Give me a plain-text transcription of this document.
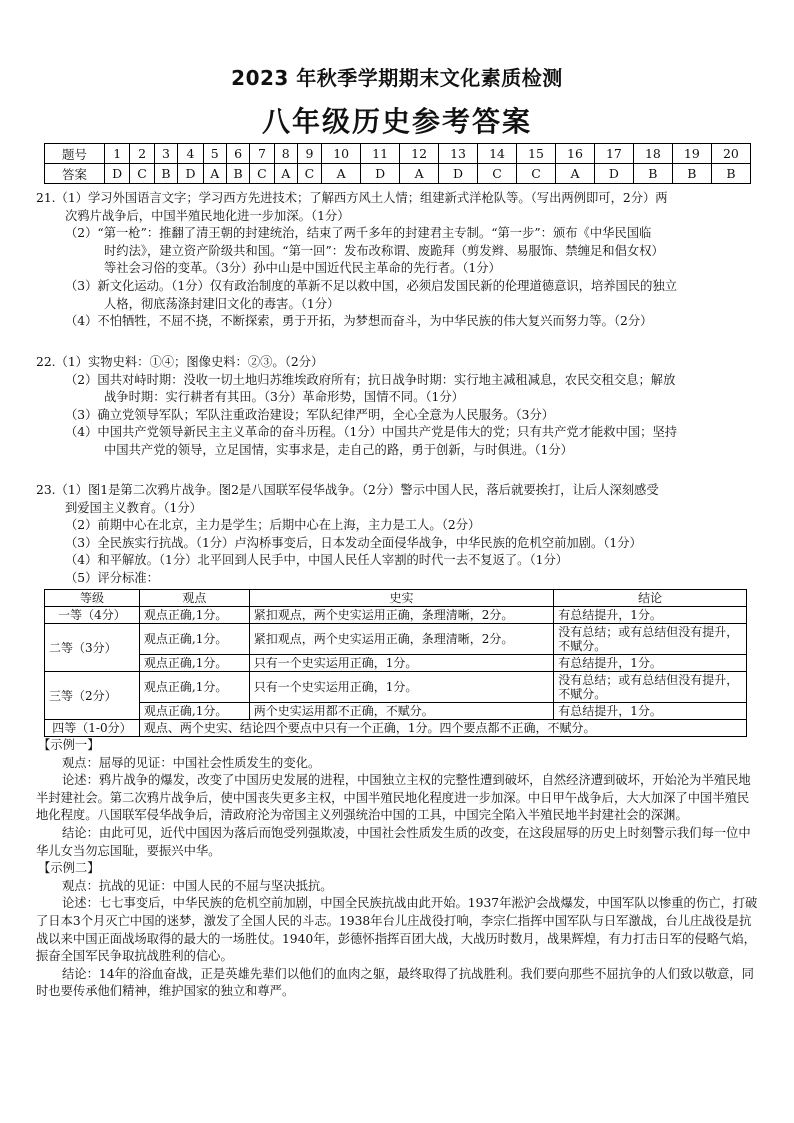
2023 年秋季学期期末文化素质检测
八年级历史参考答案
题号	1	2	3	4	5	6	7	8	9	10	11	12	13	14	15	16	17	18	19	20
答案	D	C	B	D	A	B	C	A	C	A	D	A	D	C	C	A	D	B	B	B

21.（1）学习外国语言文字；学习西方先进技术；了解西方风土人情；组建新式洋枪队等。（写出两例即可，2分）两
次鸦片战争后，中国半殖民地化进一步加深。（1分）

（2）“第一枪”：推翻了清王朝的封建统治，结束了两千多年的封建君主专制。“第一步”：颁布《中华民国临
时约法》，建立资产阶级共和国。“第一回”：发布改称谓、废跪拜（剪发辫、易服饰、禁缠足和倡女权）
等社会习俗的变革。（3分）孙中山是中国近代民主革命的先行者。（1分）

（3）新文化运动。（1分）仅有政治制度的革新不足以救中国，必须启发国民新的伦理道德意识，培养国民的独立
人格，彻底荡涤封建旧文化的毒害。（1分）

（4）不怕牺牲，不屈不挠，不断探索，勇于开拓，为梦想而奋斗，为中华民族的伟大复兴而努力等。（2分）

22.（1）实物史料：①④；图像史料：②③。（2分）

（2）国共对峙时期：没收一切土地归苏维埃政府所有；抗日战争时期：实行地主减租减息，农民交租交息；解放
战争时期：实行耕者有其田。（3分）革命形势，国情不同。（1分）

（3）确立党领导军队；军队注重政治建设；军队纪律严明，全心全意为人民服务。（3分）

（4）中国共产党领导新民主主义革命的奋斗历程。（1分）中国共产党是伟大的党；只有共产党才能救中国；坚持
中国共产党的领导，立足国情，实事求是，走自己的路，勇于创新，与时俱进。（1分）

23.（1）图1是第二次鸦片战争。图2是八国联军侵华战争。（2分）警示中国人民，落后就要挨打，让后人深刻感受
到爱国主义教育。（1分）

（2）前期中心在北京，主力是学生；后期中心在上海，主力是工人。（2分）

（3）全民族实行抗战。（1分）卢沟桥事变后，日本发动全面侵华战争，中华民族的危机空前加剧。（1分）

（4）和平解放。（1分）北平回到人民手中，中国人民任人宰割的时代一去不复返了。（1分）

（5）评分标准：

等级	观点	史实	结论
一等（4分）	观点正确,1分。	紧扣观点，两个史实运用正确，条理清晰，2分。	有总结提升，1分。
二等（3分）	观点正确,1分。	紧扣观点，两个史实运用正确，条理清晰，2分。	没有总结；或有总结但没有提升，不赋分。
	观点正确,1分。	只有一个史实运用正确，1分。	有总结提升，1分。
三等（2分）	观点正确,1分。	只有一个史实运用正确，1分。	没有总结；或有总结但没有提升，不赋分。
	观点正确,1分。	两个史实运用都不正确，不赋分。	有总结提升，1分。
四等（1-0分）	观点、两个史实、结论四个要点中只有一个正确，1分。四个要点都不正确，不赋分。		

【示例一】

观点：屈辱的见证：中国社会性质发生的变化。

论述：鸦片战争的爆发，改变了中国历史发展的进程，中国独立主权的完整性遭到破坏，自然经济遭到破坏，开始沦为半殖民地半封建社会。第二次鸦片战争后，使中国丧失更多主权，中国半殖民地化程度进一步加深。中日甲午战争后，大大加深了中国半殖民地化程度。八国联军侵华战争后，清政府沦为帝国主义列强统治中国的工具，中国完全陷入半殖民地半封建社会的深渊。

结论：由此可见，近代中国因为落后而饱受列强欺凌，中国社会性质发生质的改变，在这段屈辱的历史上时刻警示我们每一位中华儿女当勿忘国耻，要振兴中华。

【示例二】

观点：抗战的见证：中国人民的不屈与坚决抵抗。

论述：七七事变后，中华民族的危机空前加剧，中国全民族抗战由此开始。1937年淞沪会战爆发，中国军队以惨重的伤亡，打破了日本3个月灭亡中国的迷梦，激发了全国人民的斗志。1938年台儿庄战役打响，李宗仁指挥中国军队与日军激战，台儿庄战役是抗战以来中国正面战场取得的最大的一场胜仗。1940年，彭德怀指挥百团大战，大战历时数月，战果辉煌，有力打击日军的侵略气焰，振奋全国军民争取抗战胜利的信心。

结论：14年的浴血奋战，正是英雄先辈们以他们的血肉之躯，最终取得了抗战胜利。我们要向那些不屈抗争的人们致以敬意，同时也要传承他们精神，维护国家的独立和尊严。
